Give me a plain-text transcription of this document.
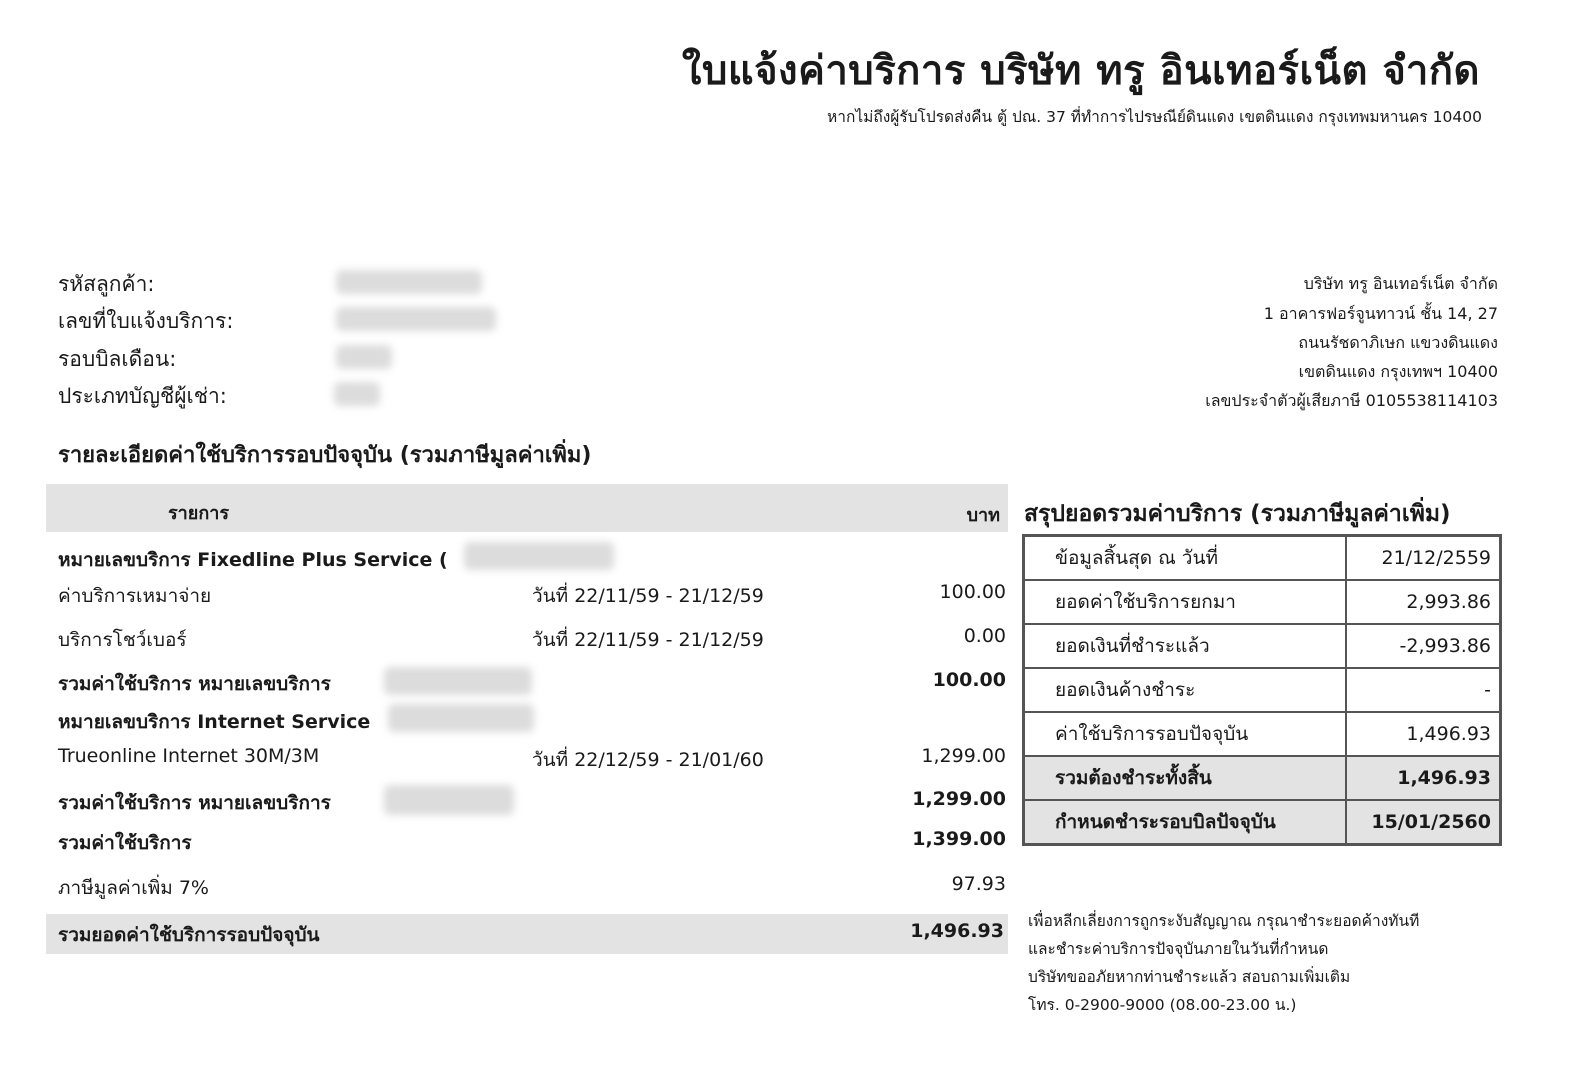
ใบแจ้งค่าบริการ บริษัท ทรู อินเทอร์เน็ต จำกัด
หากไม่ถึงผู้รับโปรดส่งคืน ตู้ ปณ. 37 ที่ทำการไปรษณีย์ดินแดง เขตดินแดง กรุงเทพมหานคร 10400
รหัสลูกค้า:
เลขที่ใบแจ้งบริการ:
รอบบิลเดือน:
ประเภทบัญชีผู้เช่า:
บริษัท ทรู อินเทอร์เน็ต จำกัด
1 อาคารฟอร์จูนทาวน์ ชั้น 14, 27
ถนนรัชดาภิเษก แขวงดินแดง
เขตดินแดง กรุงเทพฯ 10400
เลขประจำตัวผู้เสียภาษี 0105538114103
รายละเอียดค่าใช้บริการรอบปัจจุบัน (รวมภาษีมูลค่าเพิ่ม)
รายการ	บาท
หมายเลขบริการ Fixedline Plus Service (
ค่าบริการเหมาจ่าย	วันที่ 22/11/59 - 21/12/59	100.00
บริการโชว์เบอร์	วันที่ 22/11/59 - 21/12/59	0.00
รวมค่าใช้บริการ หมายเลขบริการ	100.00
หมายเลขบริการ Internet Service
Trueonline Internet 30M/3M	วันที่ 22/12/59 - 21/01/60	1,299.00
รวมค่าใช้บริการ หมายเลขบริการ	1,299.00
รวมค่าใช้บริการ	1,399.00
ภาษีมูลค่าเพิ่ม 7%	97.93
รวมยอดค่าใช้บริการรอบปัจจุบัน	1,496.93
สรุปยอดรวมค่าบริการ (รวมภาษีมูลค่าเพิ่ม)
ข้อมูลสิ้นสุด ณ วันที่	21/12/2559
ยอดค่าใช้บริการยกมา	2,993.86
ยอดเงินที่ชำระแล้ว	-2,993.86
ยอดเงินค้างชำระ	-
ค่าใช้บริการรอบปัจจุบัน	1,496.93
รวมต้องชำระทั้งสิ้น	1,496.93
กำหนดชำระรอบบิลปัจจุบัน	15/01/2560
เพื่อหลีกเลี่ยงการถูกระงับสัญญาณ กรุณาชำระยอดค้างทันที
และชำระค่าบริการปัจจุบันภายในวันที่กำหนด
บริษัทขออภัยหากท่านชำระแล้ว สอบถามเพิ่มเติม
โทร. 0-2900-9000 (08.00-23.00 น.)
